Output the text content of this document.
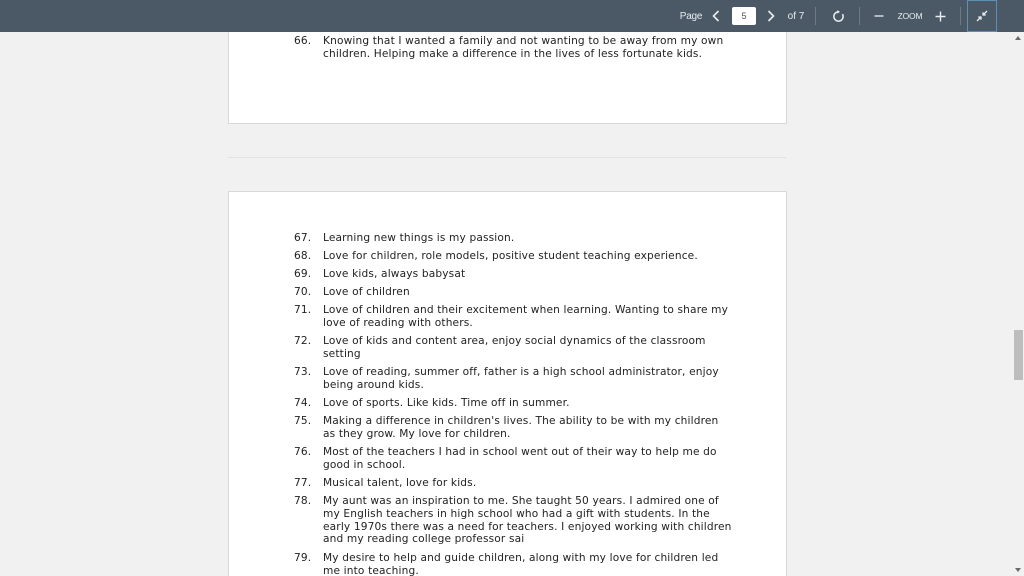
Page
5	of 7	ZOOM
66. Knowing that I wanted a family and not wanting to be away from my own children. Helping make a difference in the lives of less fortunate kids.
67. Learning new things is my passion.
68. Love for children, role models, positive student teaching experience.
69. Love kids, always babysat
70. Love of children
71. Love of children and their excitement when learning. Wanting to share my love of reading with others.
72. Love of kids and content area, enjoy social dynamics of the classroom setting
73. Love of reading, summer off, father is a high school administrator, enjoy being around kids.
74. Love of sports. Like kids. Time off in summer.
75. Making a difference in children's lives. The ability to be with my children as they grow. My love for children.
76. Most of the teachers I had in school went out of their way to help me do good in school.
77. Musical talent, love for kids.
78. My aunt was an inspiration to me. She taught 50 years. I admired one of my English teachers in high school who had a gift with students. In the early 1970s there was a need for teachers. I enjoyed working with children and my reading college professor sai
79. My desire to help and guide children, along with my love for children led me into teaching.
